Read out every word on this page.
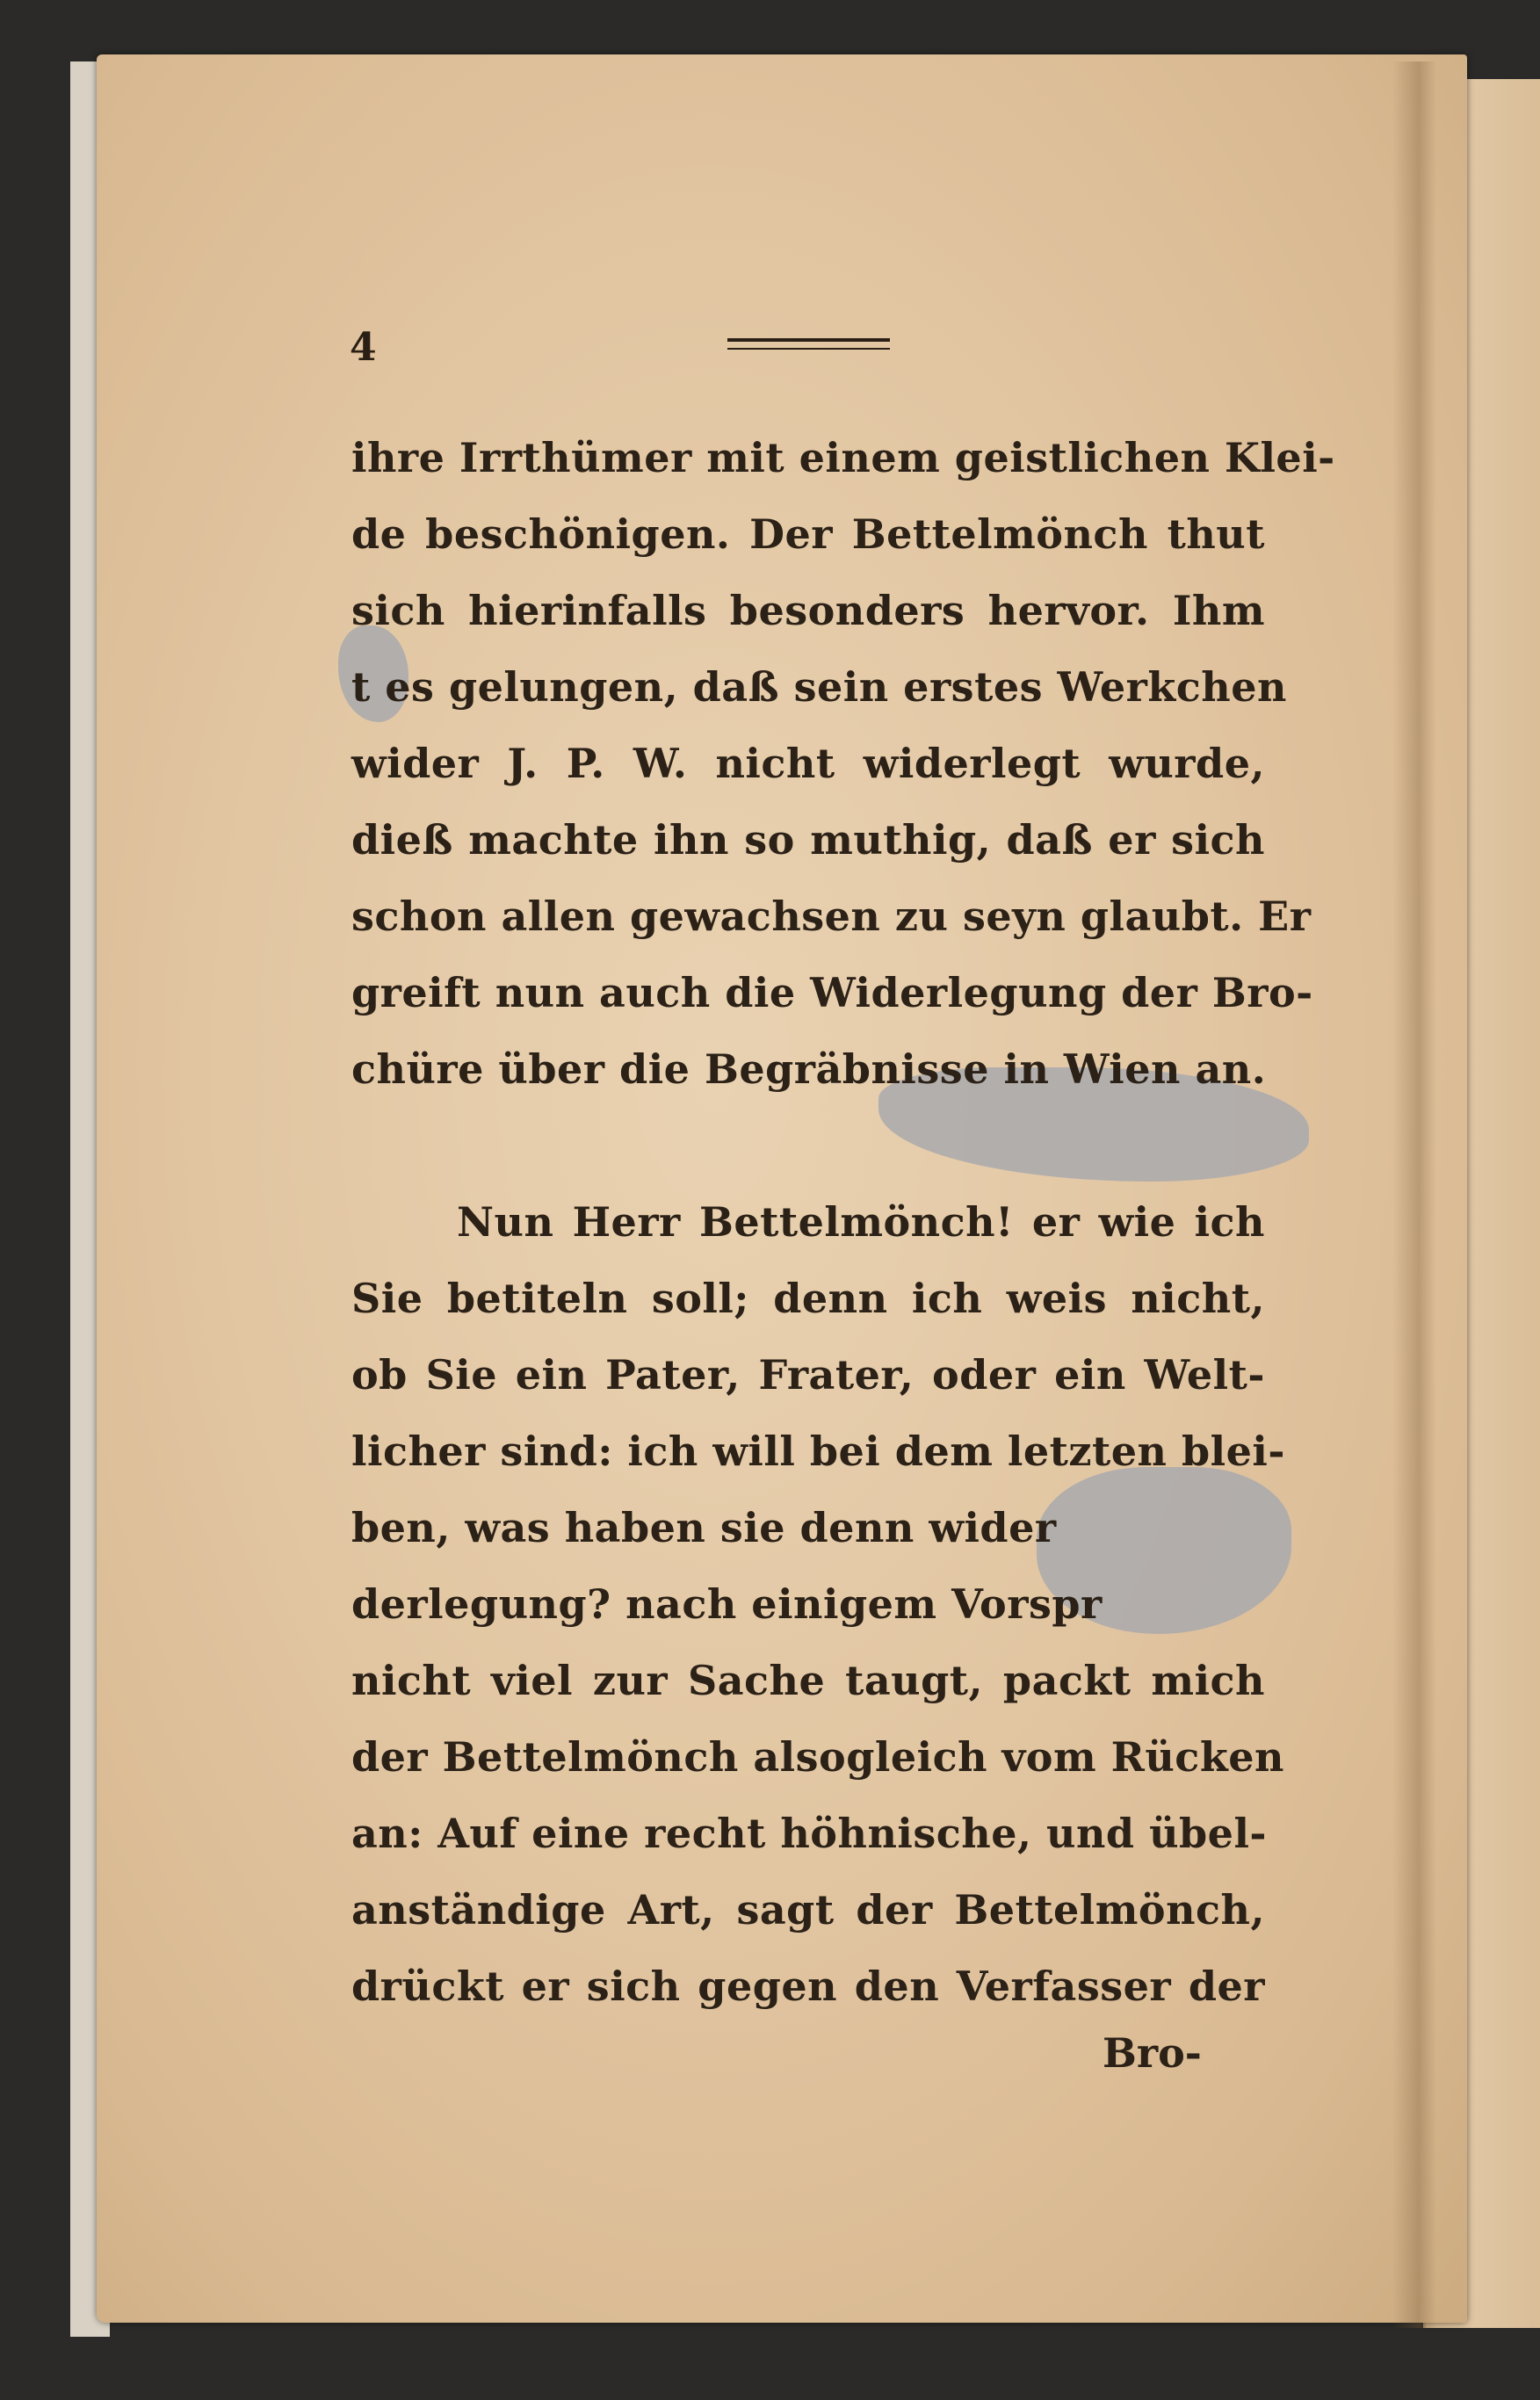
4
ihre Irrthümer mit einem geistlichen Klei-
de beschönigen. Der Bettelmönch thut
sich hierinfalls besonders hervor. Ihm
t es gelungen, daß sein erstes Werkchen
wider J. P. W. nicht widerlegt wurde,
dieß machte ihn so muthig, daß er sich
schon allen gewachsen zu seyn glaubt. Er
greift nun auch die Widerlegung der Bro-
chüre über die Begräbnisse in Wien an.
Nun Herr Bettelmönch! er wie ich
Sie betiteln soll; denn ich weis nicht,
ob Sie ein Pater, Frater, oder ein Welt-
licher sind: ich will bei dem letzten blei-
ben, was haben sie denn wider
derlegung? nach einigem Vorspr
nicht viel zur Sache taugt, packt mich
der Bettelmönch alsogleich vom Rücken
an: Auf eine recht höhnische, und übel-
anständige Art, sagt der Bettelmönch,
drückt er sich gegen den Verfasser der
Bro-
